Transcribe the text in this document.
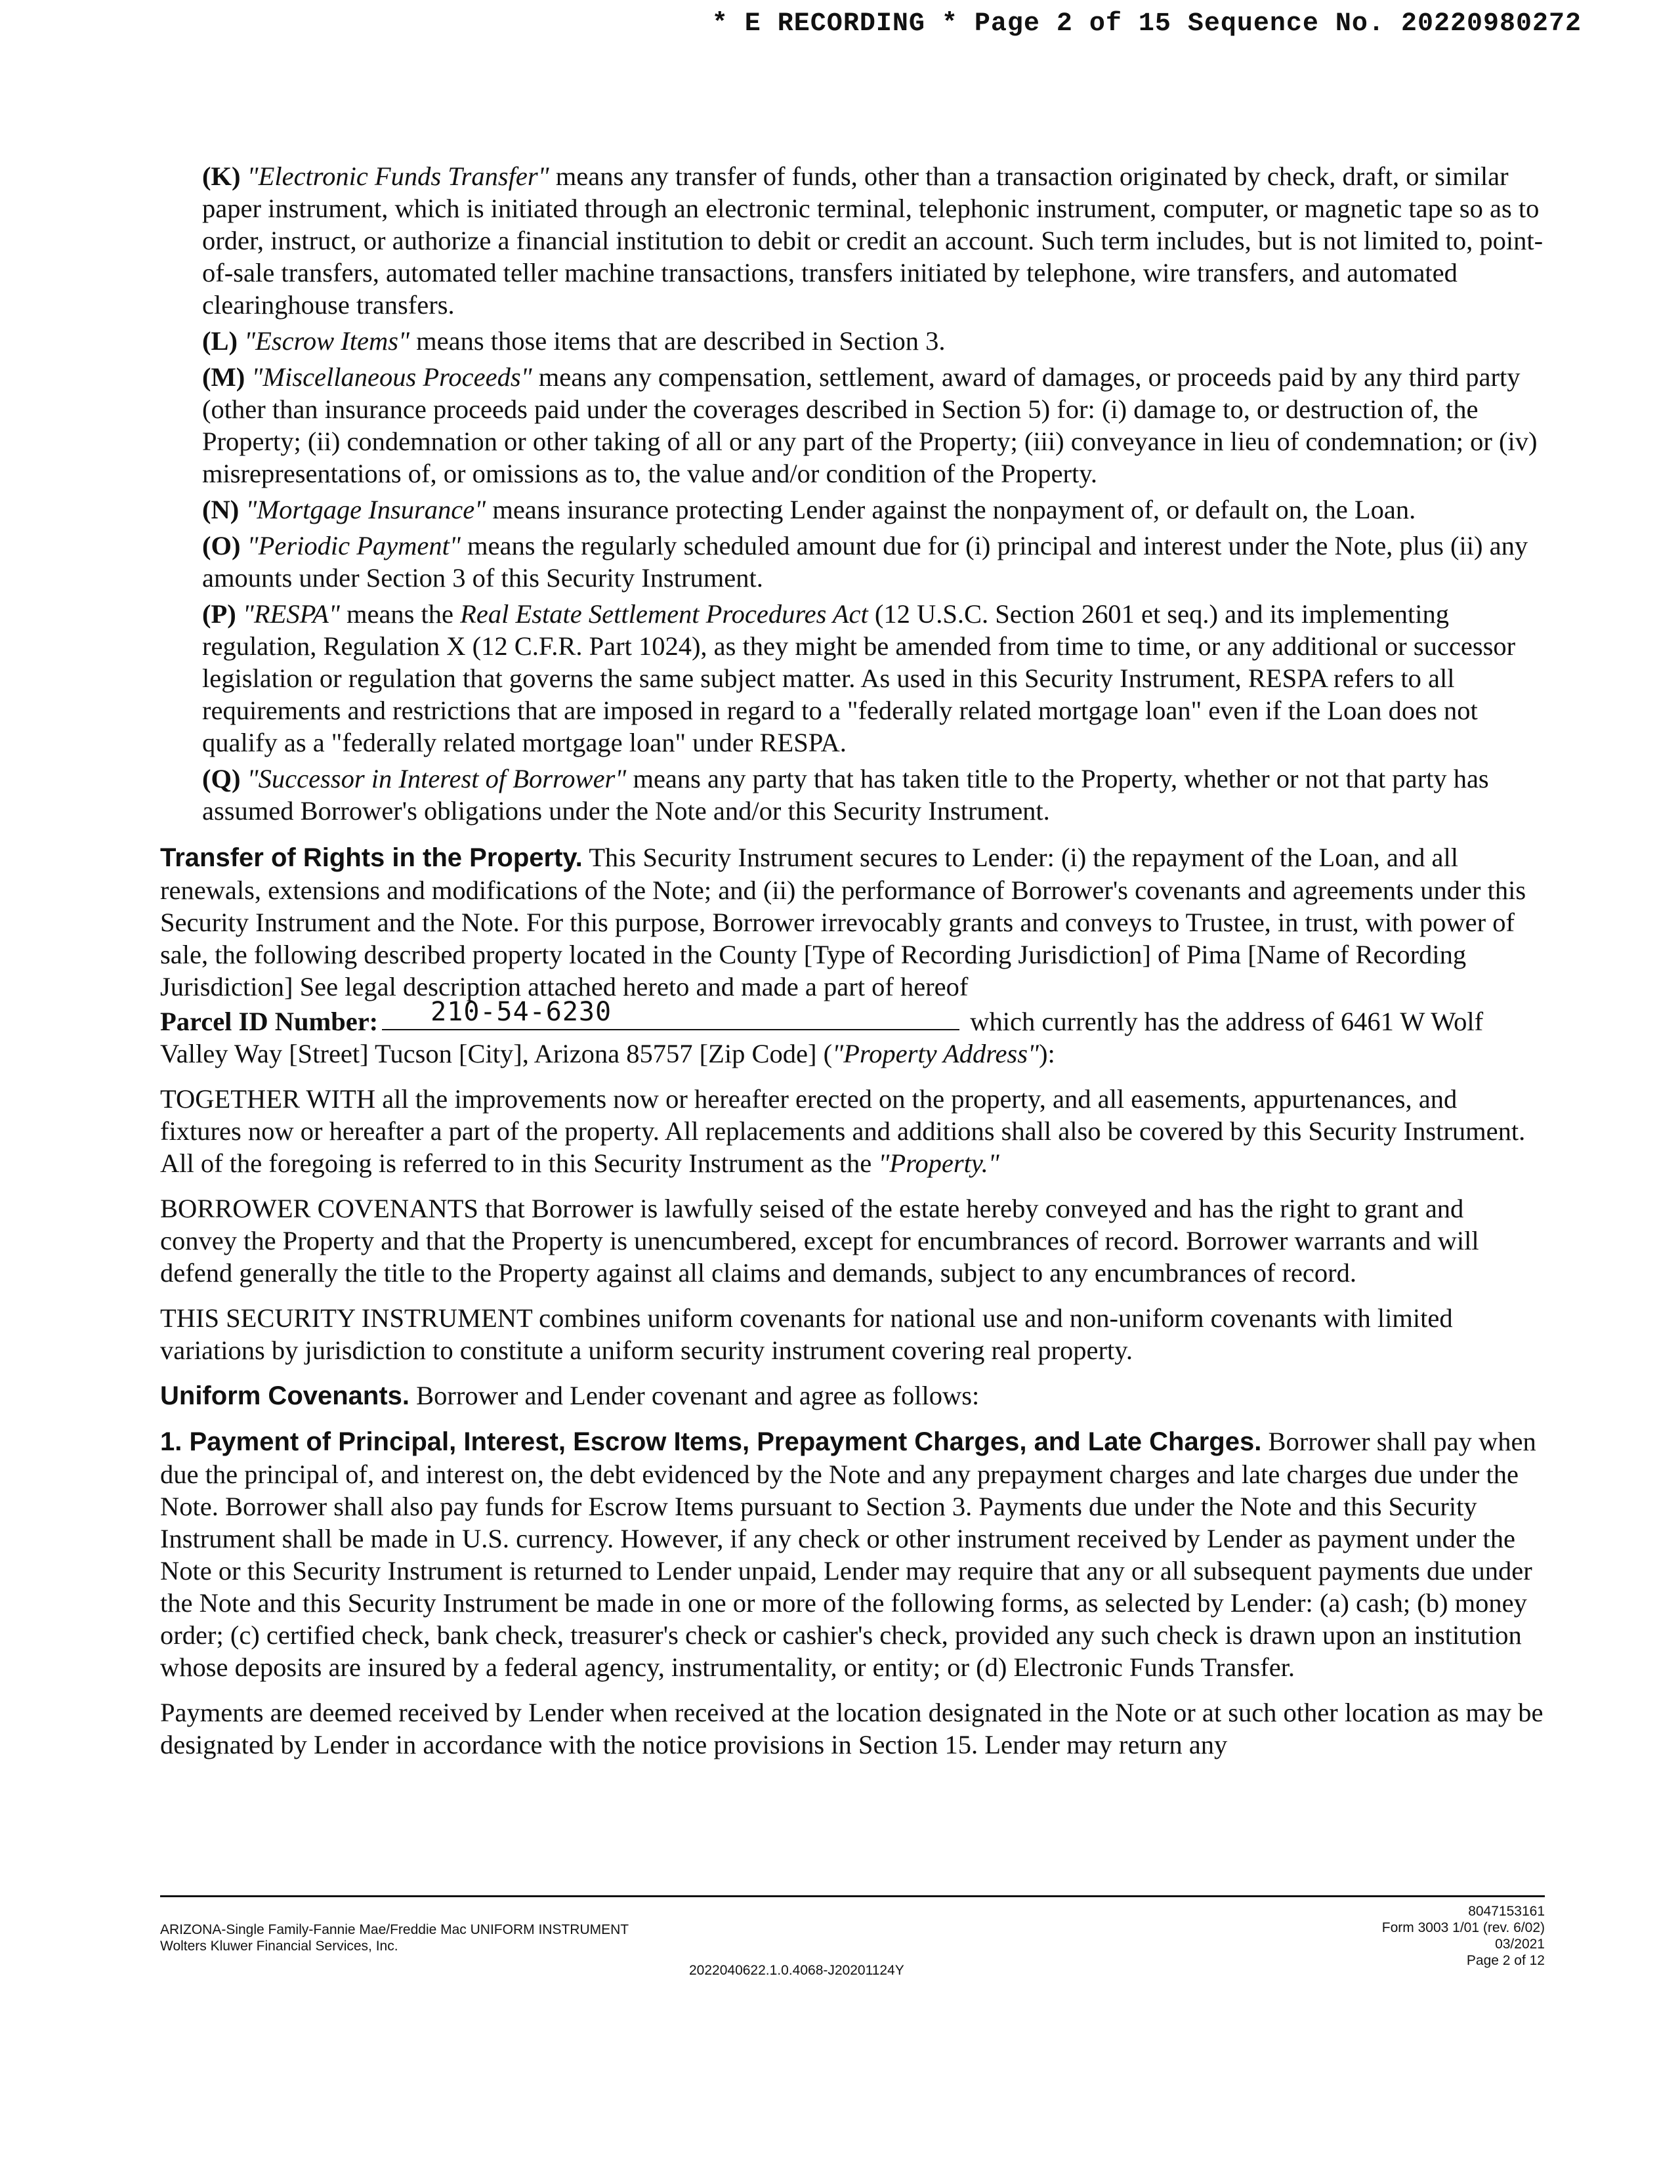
* E RECORDING * Page 2 of 15 Sequence No. 20220980272

(K) "Electronic Funds Transfer" means any transfer of funds, other than a transaction originated by check, draft, or similar paper instrument, which is initiated through an electronic terminal, telephonic instrument, computer, or magnetic tape so as to order, instruct, or authorize a financial institution to debit or credit an account. Such term includes, but is not limited to, point-of-sale transfers, automated teller machine transactions, transfers initiated by telephone, wire transfers, and automated clearinghouse transfers.

(L) "Escrow Items" means those items that are described in Section 3.

(M) "Miscellaneous Proceeds" means any compensation, settlement, award of damages, or proceeds paid by any third party (other than insurance proceeds paid under the coverages described in Section 5) for: (i) damage to, or destruction of, the Property; (ii) condemnation or other taking of all or any part of the Property; (iii) conveyance in lieu of condemnation; or (iv) misrepresentations of, or omissions as to, the value and/or condition of the Property.

(N) "Mortgage Insurance" means insurance protecting Lender against the nonpayment of, or default on, the Loan.

(O) "Periodic Payment" means the regularly scheduled amount due for (i) principal and interest under the Note, plus (ii) any amounts under Section 3 of this Security Instrument.

(P) "RESPA" means the Real Estate Settlement Procedures Act (12 U.S.C. Section 2601 et seq.) and its implementing regulation, Regulation X (12 C.F.R. Part 1024), as they might be amended from time to time, or any additional or successor legislation or regulation that governs the same subject matter. As used in this Security Instrument, RESPA refers to all requirements and restrictions that are imposed in regard to a "federally related mortgage loan" even if the Loan does not qualify as a "federally related mortgage loan" under RESPA.

(Q) "Successor in Interest of Borrower" means any party that has taken title to the Property, whether or not that party has assumed Borrower's obligations under the Note and/or this Security Instrument.

Transfer of Rights in the Property. This Security Instrument secures to Lender: (i) the repayment of the Loan, and all renewals, extensions and modifications of the Note; and (ii) the performance of Borrower's covenants and agreements under this Security Instrument and the Note. For this purpose, Borrower irrevocably grants and conveys to Trustee, in trust, with power of sale, the following described property located in the County [Type of Recording Jurisdiction] of Pima [Name of Recording Jurisdiction] See legal description attached hereto and made a part of hereof

Parcel ID Number: 210-54-6230	which currently has the address of 6461 W Wolf Valley Way [Street] Tucson [City], Arizona 85757 [Zip Code] ("Property Address"):

TOGETHER WITH all the improvements now or hereafter erected on the property, and all easements, appurtenances, and fixtures now or hereafter a part of the property. All replacements and additions shall also be covered by this Security Instrument. All of the foregoing is referred to in this Security Instrument as the "Property."

BORROWER COVENANTS that Borrower is lawfully seised of the estate hereby conveyed and has the right to grant and convey the Property and that the Property is unencumbered, except for encumbrances of record. Borrower warrants and will defend generally the title to the Property against all claims and demands, subject to any encumbrances of record.

THIS SECURITY INSTRUMENT combines uniform covenants for national use and non-uniform covenants with limited variations by jurisdiction to constitute a uniform security instrument covering real property.

Uniform Covenants. Borrower and Lender covenant and agree as follows:

1. Payment of Principal, Interest, Escrow Items, Prepayment Charges, and Late Charges. Borrower shall pay when due the principal of, and interest on, the debt evidenced by the Note and any prepayment charges and late charges due under the Note. Borrower shall also pay funds for Escrow Items pursuant to Section 3. Payments due under the Note and this Security Instrument shall be made in U.S. currency. However, if any check or other instrument received by Lender as payment under the Note or this Security Instrument is returned to Lender unpaid, Lender may require that any or all subsequent payments due under the Note and this Security Instrument be made in one or more of the following forms, as selected by Lender: (a) cash; (b) money order; (c) certified check, bank check, treasurer's check or cashier's check, provided any such check is drawn upon an institution whose deposits are insured by a federal agency, instrumentality, or entity; or (d) Electronic Funds Transfer.

Payments are deemed received by Lender when received at the location designated in the Note or at such other location as may be designated by Lender in accordance with the notice provisions in Section 15. Lender may return any

ARIZONA-Single Family-Fannie Mae/Freddie Mac UNIFORM INSTRUMENT
Wolters Kluwer Financial Services, Inc.
2022040622.1.0.4068-J20201124Y
8047153161
Form 3003 1/01 (rev. 6/02)
03/2021
Page 2 of 12
